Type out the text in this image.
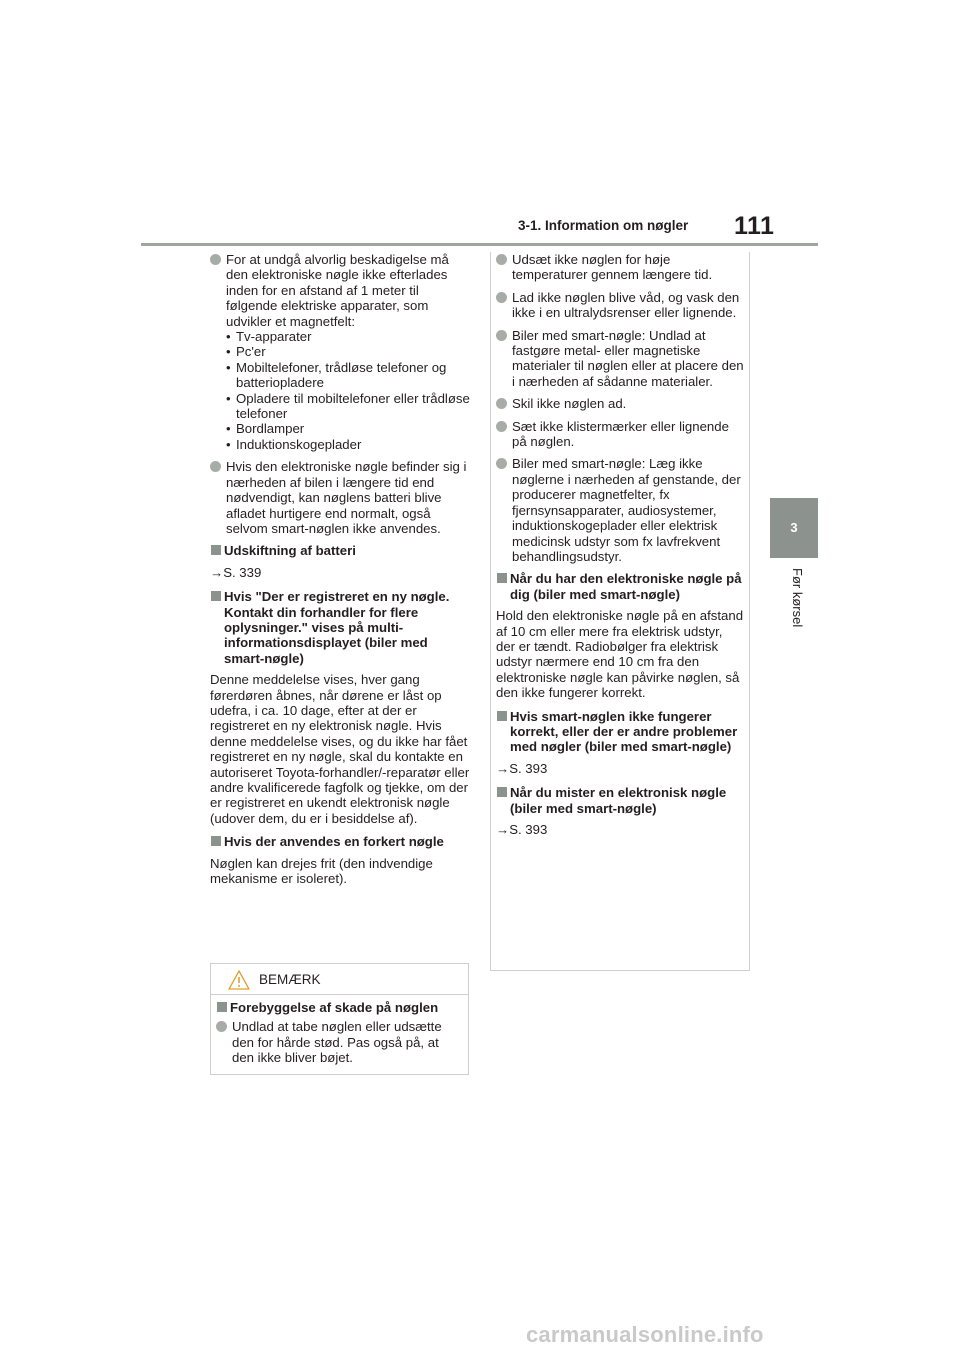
3-1. Information om nøgler 111
3
Før kørsel
For at undgå alvorlig beskadigelse må den elektroniske nøgle ikke efterlades inden for en afstand af 1 meter til følgende elektriske apparater, som udvikler et magnetfelt:
• Tv-apparater
• Pc'er
• Mobiltelefoner, trådløse telefoner og batteriopladere
• Opladere til mobiltelefoner eller trådløse telefoner
• Bordlamper
• Induktionskogeplader
Hvis den elektroniske nøgle befinder sig i nærheden af bilen i længere tid end nødvendigt, kan nøglens batteri blive afladet hurtigere end normalt, også selvom smart-nøglen ikke anvendes.
Udskiftning af batteri
→S. 339
Hvis "Der er registreret en ny nøgle. Kontakt din forhandler for flere oplysninger." vises på multi-informationsdisplayet (biler med smart-nøgle)
Denne meddelelse vises, hver gang førerdøren åbnes, når dørene er låst op udefra, i ca. 10 dage, efter at der er registreret en ny elektronisk nøgle. Hvis denne meddelelse vises, og du ikke har fået registreret en ny nøgle, skal du kontakte en autoriseret Toyota-forhandler/-reparatør eller andre kvalificerede fagfolk og tjekke, om der er registreret en ukendt elektronisk nøgle (udover dem, du er i besiddelse af).
Hvis der anvendes en forkert nøgle
Nøglen kan drejes frit (den indvendige mekanisme er isoleret).
BEMÆRK
Forebyggelse af skade på nøglen
Undlad at tabe nøglen eller udsætte den for hårde stød. Pas også på, at den ikke bliver bøjet.
Udsæt ikke nøglen for høje temperaturer gennem længere tid.
Lad ikke nøglen blive våd, og vask den ikke i en ultralydsrenser eller lignende.
Biler med smart-nøgle: Undlad at fastgøre metal- eller magnetiske materialer til nøglen eller at placere den i nærheden af sådanne materialer.
Skil ikke nøglen ad.
Sæt ikke klistermærker eller lignende på nøglen.
Biler med smart-nøgle: Læg ikke nøglerne i nærheden af genstande, der producerer magnetfelter, fx fjernsynsapparater, audiosystemer, induktionskogeplader eller elektrisk medicinsk udstyr som fx lavfrekvent behandlingsudstyr.
Når du har den elektroniske nøgle på dig (biler med smart-nøgle)
Hold den elektroniske nøgle på en afstand af 10 cm eller mere fra elektrisk udstyr, der er tændt. Radiobølger fra elektrisk udstyr nærmere end 10 cm fra den elektroniske nøgle kan påvirke nøglen, så den ikke fungerer korrekt.
Hvis smart-nøglen ikke fungerer korrekt, eller der er andre problemer med nøgler (biler med smart-nøgle)
→S. 393
Når du mister en elektronisk nøgle (biler med smart-nøgle)
→S. 393
carmanualsonline.info
